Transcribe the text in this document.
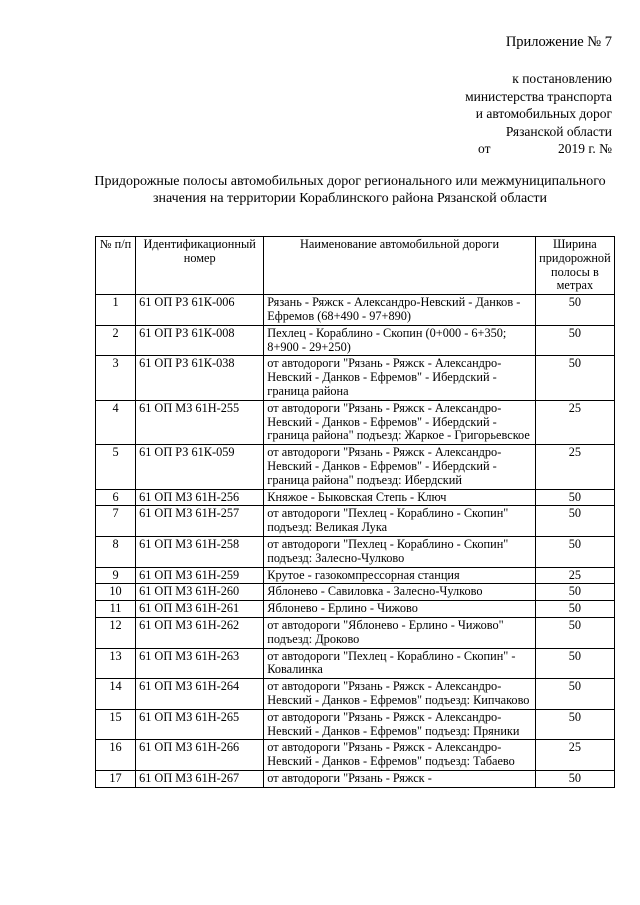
Приложение № 7
к постановлению
министерства транспорта
и автомобильных дорог
Рязанской области
от	2019 г. №
Придорожные полосы автомобильных дорог регионального или межмуниципального значения на территории Кораблинского района Рязанской области
№ п/п	Идентификационный номер	Наименование автомобильной дороги	Ширина придорожной полосы в метрах
1	61 ОП РЗ 61К-006	Рязань - Ряжск - Александро-Невский - Данков - Ефремов (68+490 - 97+890)	50
2	61 ОП РЗ 61К-008	Пехлец - Кораблино - Скопин (0+000 - 6+350; 8+900 - 29+250)	50
3	61 ОП РЗ 61К-038	от автодороги "Рязань - Ряжск - Александро-Невский - Данков - Ефремов" - Ибердский - граница района	50
4	61 ОП МЗ 61Н-255	от автодороги "Рязань - Ряжск - Александро-Невский - Данков - Ефремов" - Ибердский - граница района" подъезд: Жаркое - Григорьевское	25
5	61 ОП РЗ 61К-059	от автодороги "Рязань - Ряжск - Александро-Невский - Данков - Ефремов" - Ибердский - граница района" подъезд: Ибердский	25
6	61 ОП МЗ 61Н-256	Княжое - Быковская Степь - Ключ	50
7	61 ОП МЗ 61Н-257	от автодороги "Пехлец - Кораблино - Скопин" подъезд: Великая Лука	50
8	61 ОП МЗ 61Н-258	от автодороги "Пехлец - Кораблино - Скопин" подъезд: Залесно-Чулково	50
9	61 ОП МЗ 61Н-259	Крутое - газокомпрессорная станция	25
10	61 ОП МЗ 61Н-260	Яблонево - Савиловка - Залесно-Чулково	50
11	61 ОП МЗ 61Н-261	Яблонево - Ерлино - Чижово	50
12	61 ОП МЗ 61Н-262	от автодороги "Яблонево - Ерлино - Чижово" подъезд: Дроково	50
13	61 ОП МЗ 61Н-263	от автодороги "Пехлец - Кораблино - Скопин" - Ковалинка	50
14	61 ОП МЗ 61Н-264	от автодороги "Рязань - Ряжск - Александро-Невский - Данков - Ефремов" подъезд: Кипчаково	50
15	61 ОП МЗ 61Н-265	от автодороги "Рязань - Ряжск - Александро-Невский - Данков - Ефремов" подъезд: Пряники	50
16	61 ОП МЗ 61Н-266	от автодороги "Рязань - Ряжск - Александро-Невский - Данков - Ефремов" подъезд: Табаево	25
17	61 ОП МЗ 61Н-267	от автодороги "Рязань - Ряжск -	50
